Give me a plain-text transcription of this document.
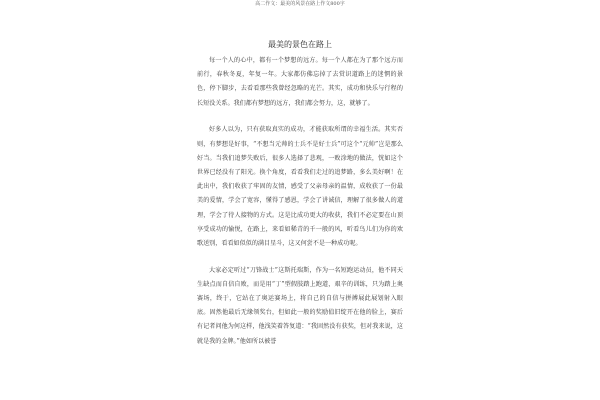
高二作文：最美的风景在路上作文800字
最美的景色在路上

每一个人的心中，都有一个梦想的远方。每一个人都在为了那个远方而前行，春秋冬夏，年复一年。大家都仿佛忘掉了去赏识道路上的迷惘的景色，停下脚步，去看看那些我曾经忽略的光芒。其实，成功和快乐与行程的长短没关系。我们都有梦想的远方，我们都会努力，这，就够了。

好多人以为，只有获取真实的成功，才能获取所谓的幸福生活。其实否则，有梦想是好事，“不想当元帅的士兵不是好士兵”可这个“元帅”岂是那么好当。当我们追梦失败后，很多人选择了悲观，一败涂地的做法，恍如这个世界已经没有了阳光。换个角度，看看我们走过的追梦路，多么美好啊！在此出中，我们收获了牢固的友情，感受了父亲母亲的温情，成收获了一份最美的爱情，学会了宽容，懂得了感恩，学会了讲诚信，理解了很多做人的道理，学会了待人接物的方式。这是比成功更大的收获，我们不必定要在山顶享受成功的愉悦，在路上，来看如稀青的千一般的风，听看鸟儿们为你的欢歌送别，看看如似似的满目星斗，这又何尝不是一种成功呢。

大家必定听过“刀锋战士”这斯托瑞斯，作为一名短跑运动员，他不同天生缺点而自信自败，而是用“丁”型假肢踏上跑道，艰辛的训练，只为踏上奥赛场，终于，它站在了奥运赛场上，将自己的自信与拼搏展此展划射入眼底。固然他最后无缘领奖台，但如此一般的奖励值旧绽开在他的脸上，赛后有记者问他为何这样，他浅笑着答复道：“我固然没有获奖，但对我来说，这就是我的金牌。”他如所以被誉
